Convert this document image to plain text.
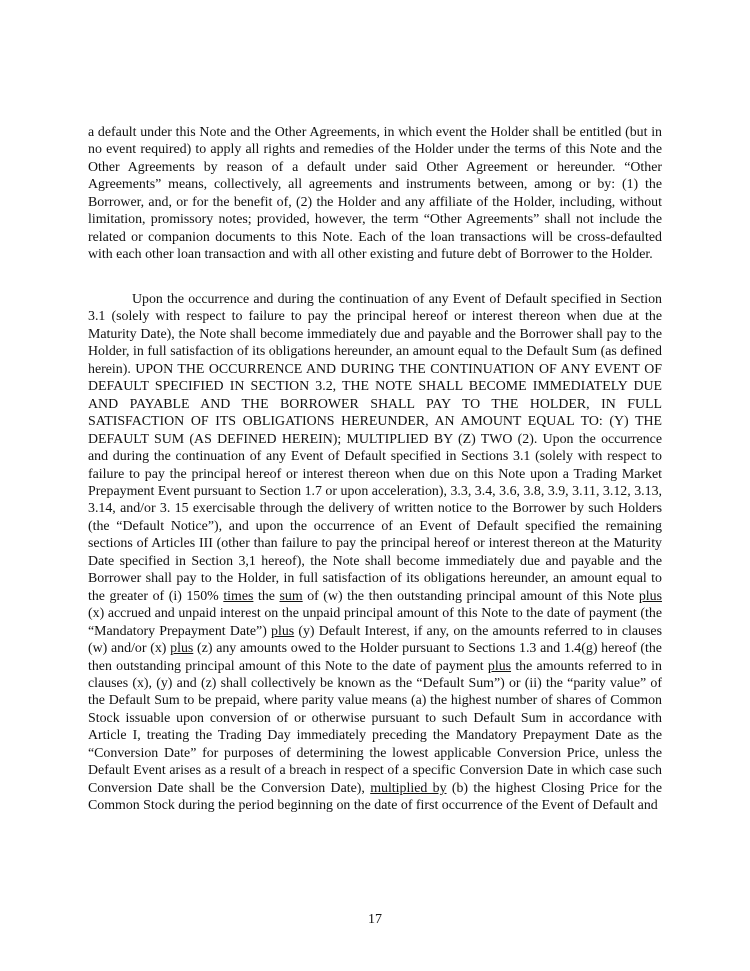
a default under this Note and the Other Agreements, in which event the Holder shall be entitled (but in no event required) to apply all rights and remedies of the Holder under the terms of this Note and the Other Agreements by reason of a default under said Other Agreement or hereunder. “Other Agreements” means, collectively, all agreements and instruments between, among or by: (1) the Borrower, and, or for the benefit of, (2) the Holder and any affiliate of the Holder, including, without limitation, promissory notes; provided, however, the term “Other Agreements” shall not include the related or companion documents to this Note. Each of the loan transactions will be cross-defaulted with each other loan transaction and with all other existing and future debt of Borrower to the Holder.

Upon the occurrence and during the continuation of any Event of Default specified in Section 3.1 (solely with respect to failure to pay the principal hereof or interest thereon when due at the Maturity Date), the Note shall become immediately due and payable and the Borrower shall pay to the Holder, in full satisfaction of its obligations hereunder, an amount equal to the Default Sum (as defined herein). UPON THE OCCURRENCE AND DURING THE CONTINUATION OF ANY EVENT OF DEFAULT SPECIFIED IN SECTION 3.2, THE NOTE SHALL BECOME IMMEDIATELY DUE AND PAYABLE AND THE BORROWER SHALL PAY TO THE HOLDER, IN FULL SATISFACTION OF ITS OBLIGATIONS HEREUNDER, AN AMOUNT EQUAL TO: (Y) THE DEFAULT SUM (AS DEFINED HEREIN); MULTIPLIED BY (Z) TWO (2). Upon the occurrence and during the continuation of any Event of Default specified in Sections 3.1 (solely with respect to failure to pay the principal hereof or interest thereon when due on this Note upon a Trading Market Prepayment Event pursuant to Section 1.7 or upon acceleration), 3.3, 3.4, 3.6, 3.8, 3.9, 3.11, 3.12, 3.13, 3.14, and/or 3. 15 exercisable through the delivery of written notice to the Borrower by such Holders (the “Default Notice”), and upon the occurrence of an Event of Default specified the remaining sections of Articles III (other than failure to pay the principal hereof or interest thereon at the Maturity Date specified in Section 3,1 hereof), the Note shall become immediately due and payable and the Borrower shall pay to the Holder, in full satisfaction of its obligations hereunder, an amount equal to the greater of (i) 150% times the sum of (w) the then outstanding principal amount of this Note plus (x) accrued and unpaid interest on the unpaid principal amount of this Note to the date of payment (the “Mandatory Prepayment Date”) plus (y) Default Interest, if any, on the amounts referred to in clauses (w) and/or (x) plus (z) any amounts owed to the Holder pursuant to Sections 1.3 and 1.4(g) hereof (the then outstanding principal amount of this Note to the date of payment plus the amounts referred to in clauses (x), (y) and (z) shall collectively be known as the “Default Sum”) or (ii) the “parity value” of the Default Sum to be prepaid, where parity value means (a) the highest number of shares of Common Stock issuable upon conversion of or otherwise pursuant to such Default Sum in accordance with Article I, treating the Trading Day immediately preceding the Mandatory Prepayment Date as the “Conversion Date” for purposes of determining the lowest applicable Conversion Price, unless the Default Event arises as a result of a breach in respect of a specific Conversion Date in which case such Conversion Date shall be the Conversion Date), multiplied by (b) the highest Closing Price for the Common Stock during the period beginning on the date of first occurrence of the Event of Default and

17
